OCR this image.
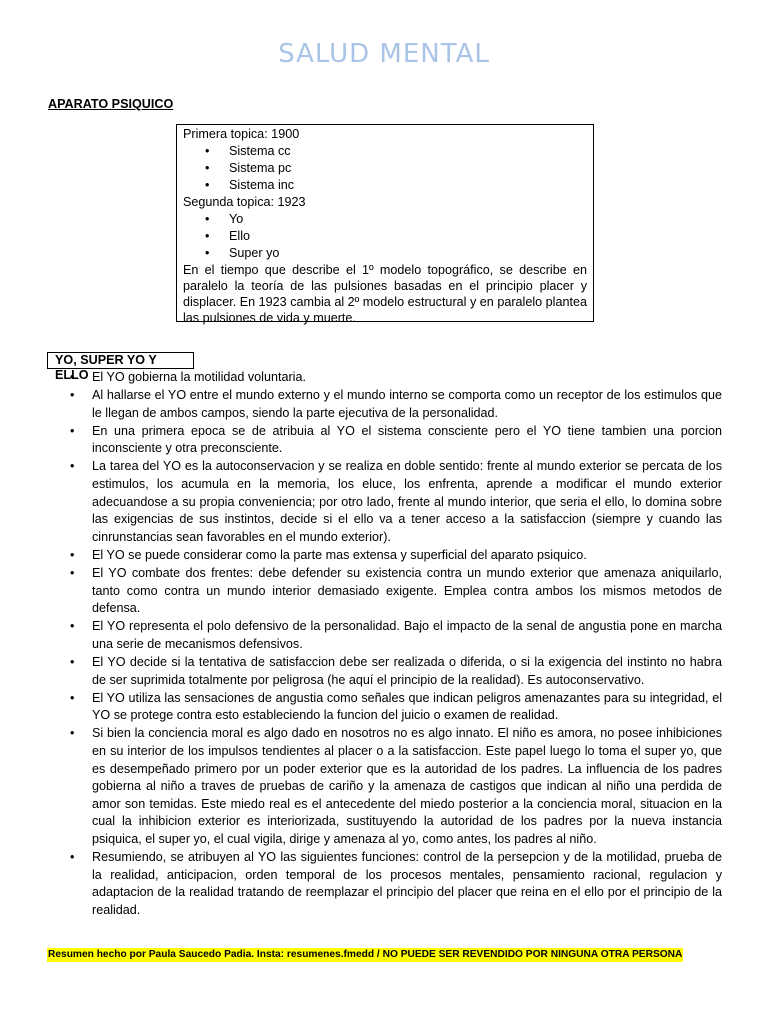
SALUD MENTAL
APARATO PSIQUICO
Primera topica: 1900
• Sistema cc
• Sistema pc
• Sistema inc
Segunda topica: 1923
• Yo
• Ello
• Super yo
En el tiempo que describe el 1º modelo topográfico, se describe en paralelo la teoría de las pulsiones basadas en el principio placer y displacer. En 1923 cambia al 2º modelo estructural y en paralelo plantea las pulsiones de vida y muerte.
YO, SUPER YO Y ELLO
• El YO gobierna la motilidad voluntaria.
• Al hallarse el YO entre el mundo externo y el mundo interno se comporta como un receptor de los estimulos que le llegan de ambos campos, siendo la parte ejecutiva de la personalidad.
• En una primera epoca se de atribuia al YO el sistema consciente pero el YO tiene tambien una porcion inconsciente y otra preconsciente.
• La tarea del YO es la autoconservacion y se realiza en doble sentido: frente al mundo exterior se percata de los estimulos, los acumula en la memoria, los eluce, los enfrenta, aprende a modificar el mundo exterior adecuandose a su propia conveniencia; por otro lado, frente al mundo interior, que seria el ello, lo domina sobre las exigencias de sus instintos, decide si el ello va a tener acceso a la satisfaccion (siempre y cuando las cinrunstancias sean favorables en el mundo exterior).
• El YO se puede considerar como la parte mas extensa y superficial del aparato psiquico.
• El YO combate dos frentes: debe defender su existencia contra un mundo exterior que amenaza aniquilarlo, tanto como contra un mundo interior demasiado exigente. Emplea contra ambos los mismos metodos de defensa.
• El YO representa el polo defensivo de la personalidad. Bajo el impacto de la senal de angustia pone en marcha una serie de mecanismos defensivos.
• El YO decide si la tentativa de satisfaccion debe ser realizada o diferida, o si la exigencia del instinto no habra de ser suprimida totalmente por peligrosa (he aquí el principio de la realidad). Es autoconservativo.
• El YO utiliza las sensaciones de angustia como señales que indican peligros amenazantes para su integridad, el YO se protege contra esto estableciendo la funcion del juicio o examen de realidad.
• Si bien la conciencia moral es algo dado en nosotros no es algo innato. El niño es amora, no posee inhibiciones en su interior de los impulsos tendientes al placer o a la satisfaccion. Este papel luego lo toma el super yo, que es desempeñado primero por un poder exterior que es la autoridad de los padres. La influencia de los padres gobierna al niño a traves de pruebas de cariño y la amenaza de castigos que indican al niño una perdida de amor son temidas. Este miedo real es el antecedente del miedo posterior a la conciencia moral, situacion en la cual la inhibicion exterior es interiorizada, sustituyendo la autoridad de los padres por la nueva instancia psiquica, el super yo, el cual vigila, dirige y amenaza al yo, como antes, los padres al niño.
• Resumiendo, se atribuyen al YO las siguientes funciones: control de la persepcion y de la motilidad, prueba de la realidad, anticipacion, orden temporal de los procesos mentales, pensamiento racional, regulacion y adaptacion de la realidad tratando de reemplazar el principio del placer que reina en el ello por el principio de la realidad.
Resumen hecho por Paula Saucedo Padia. Insta: resumenes.fmedd / NO PUEDE SER REVENDIDO POR NINGUNA OTRA PERSONA
